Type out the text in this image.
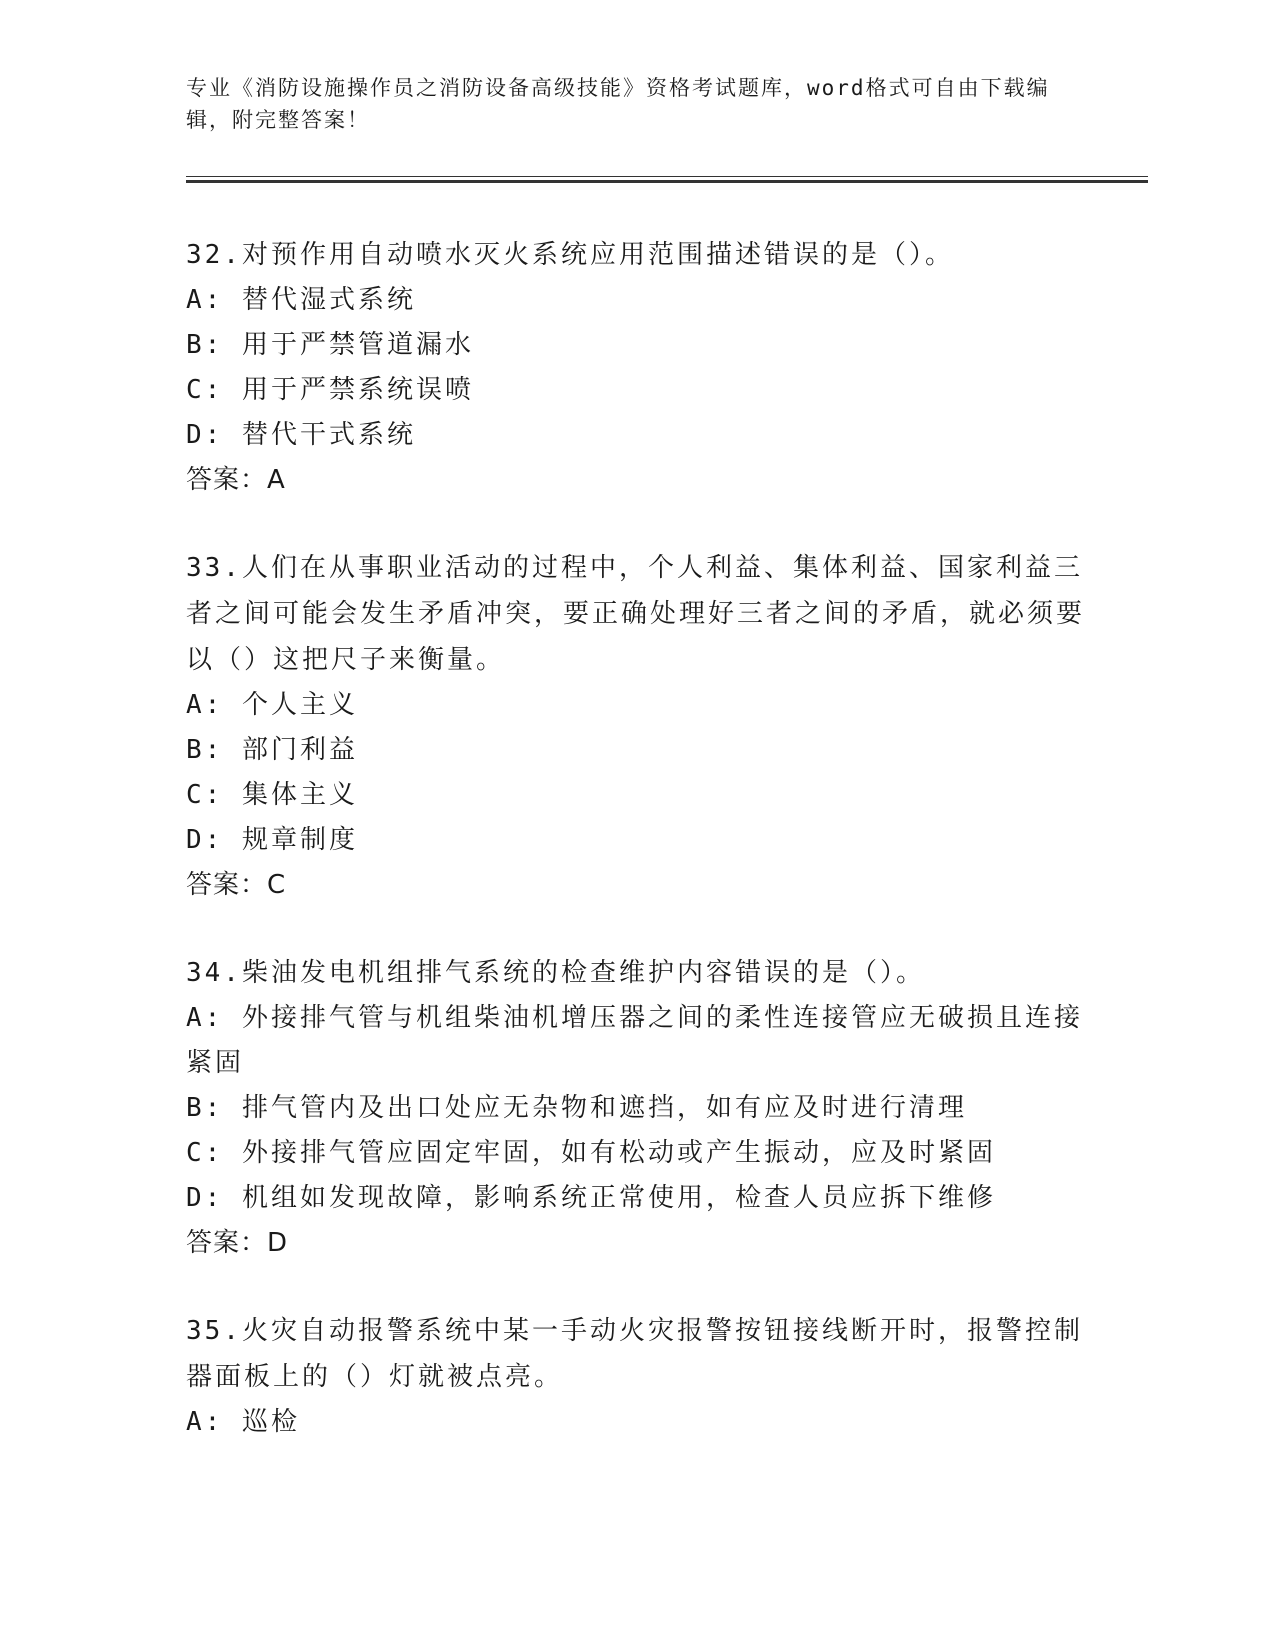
专业《消防设施操作员之消防设备高级技能》资格考试题库，word格式可自由下载编辑，附完整答案！

32.对预作用自动喷水灭火系统应用范围描述错误的是（）。

A: 替代湿式系统

B: 用于严禁管道漏水

C: 用于严禁系统误喷

D: 替代干式系统

答案：A

33.人们在从事职业活动的过程中，个人利益、集体利益、国家利益三者之间可能会发生矛盾冲突，要正确处理好三者之间的矛盾，就必须要以（）这把尺子来衡量。

A: 个人主义

B: 部门利益

C: 集体主义

D: 规章制度

答案：C

34.柴油发电机组排气系统的检查维护内容错误的是（）。

A: 外接排气管与机组柴油机增压器之间的柔性连接管应无破损且连接紧固

B: 排气管内及出口处应无杂物和遮挡，如有应及时进行清理

C: 外接排气管应固定牢固，如有松动或产生振动，应及时紧固

D: 机组如发现故障，影响系统正常使用，检查人员应拆下维修

答案：D

35.火灾自动报警系统中某一手动火灾报警按钮接线断开时，报警控制器面板上的（）灯就被点亮。

A: 巡检
